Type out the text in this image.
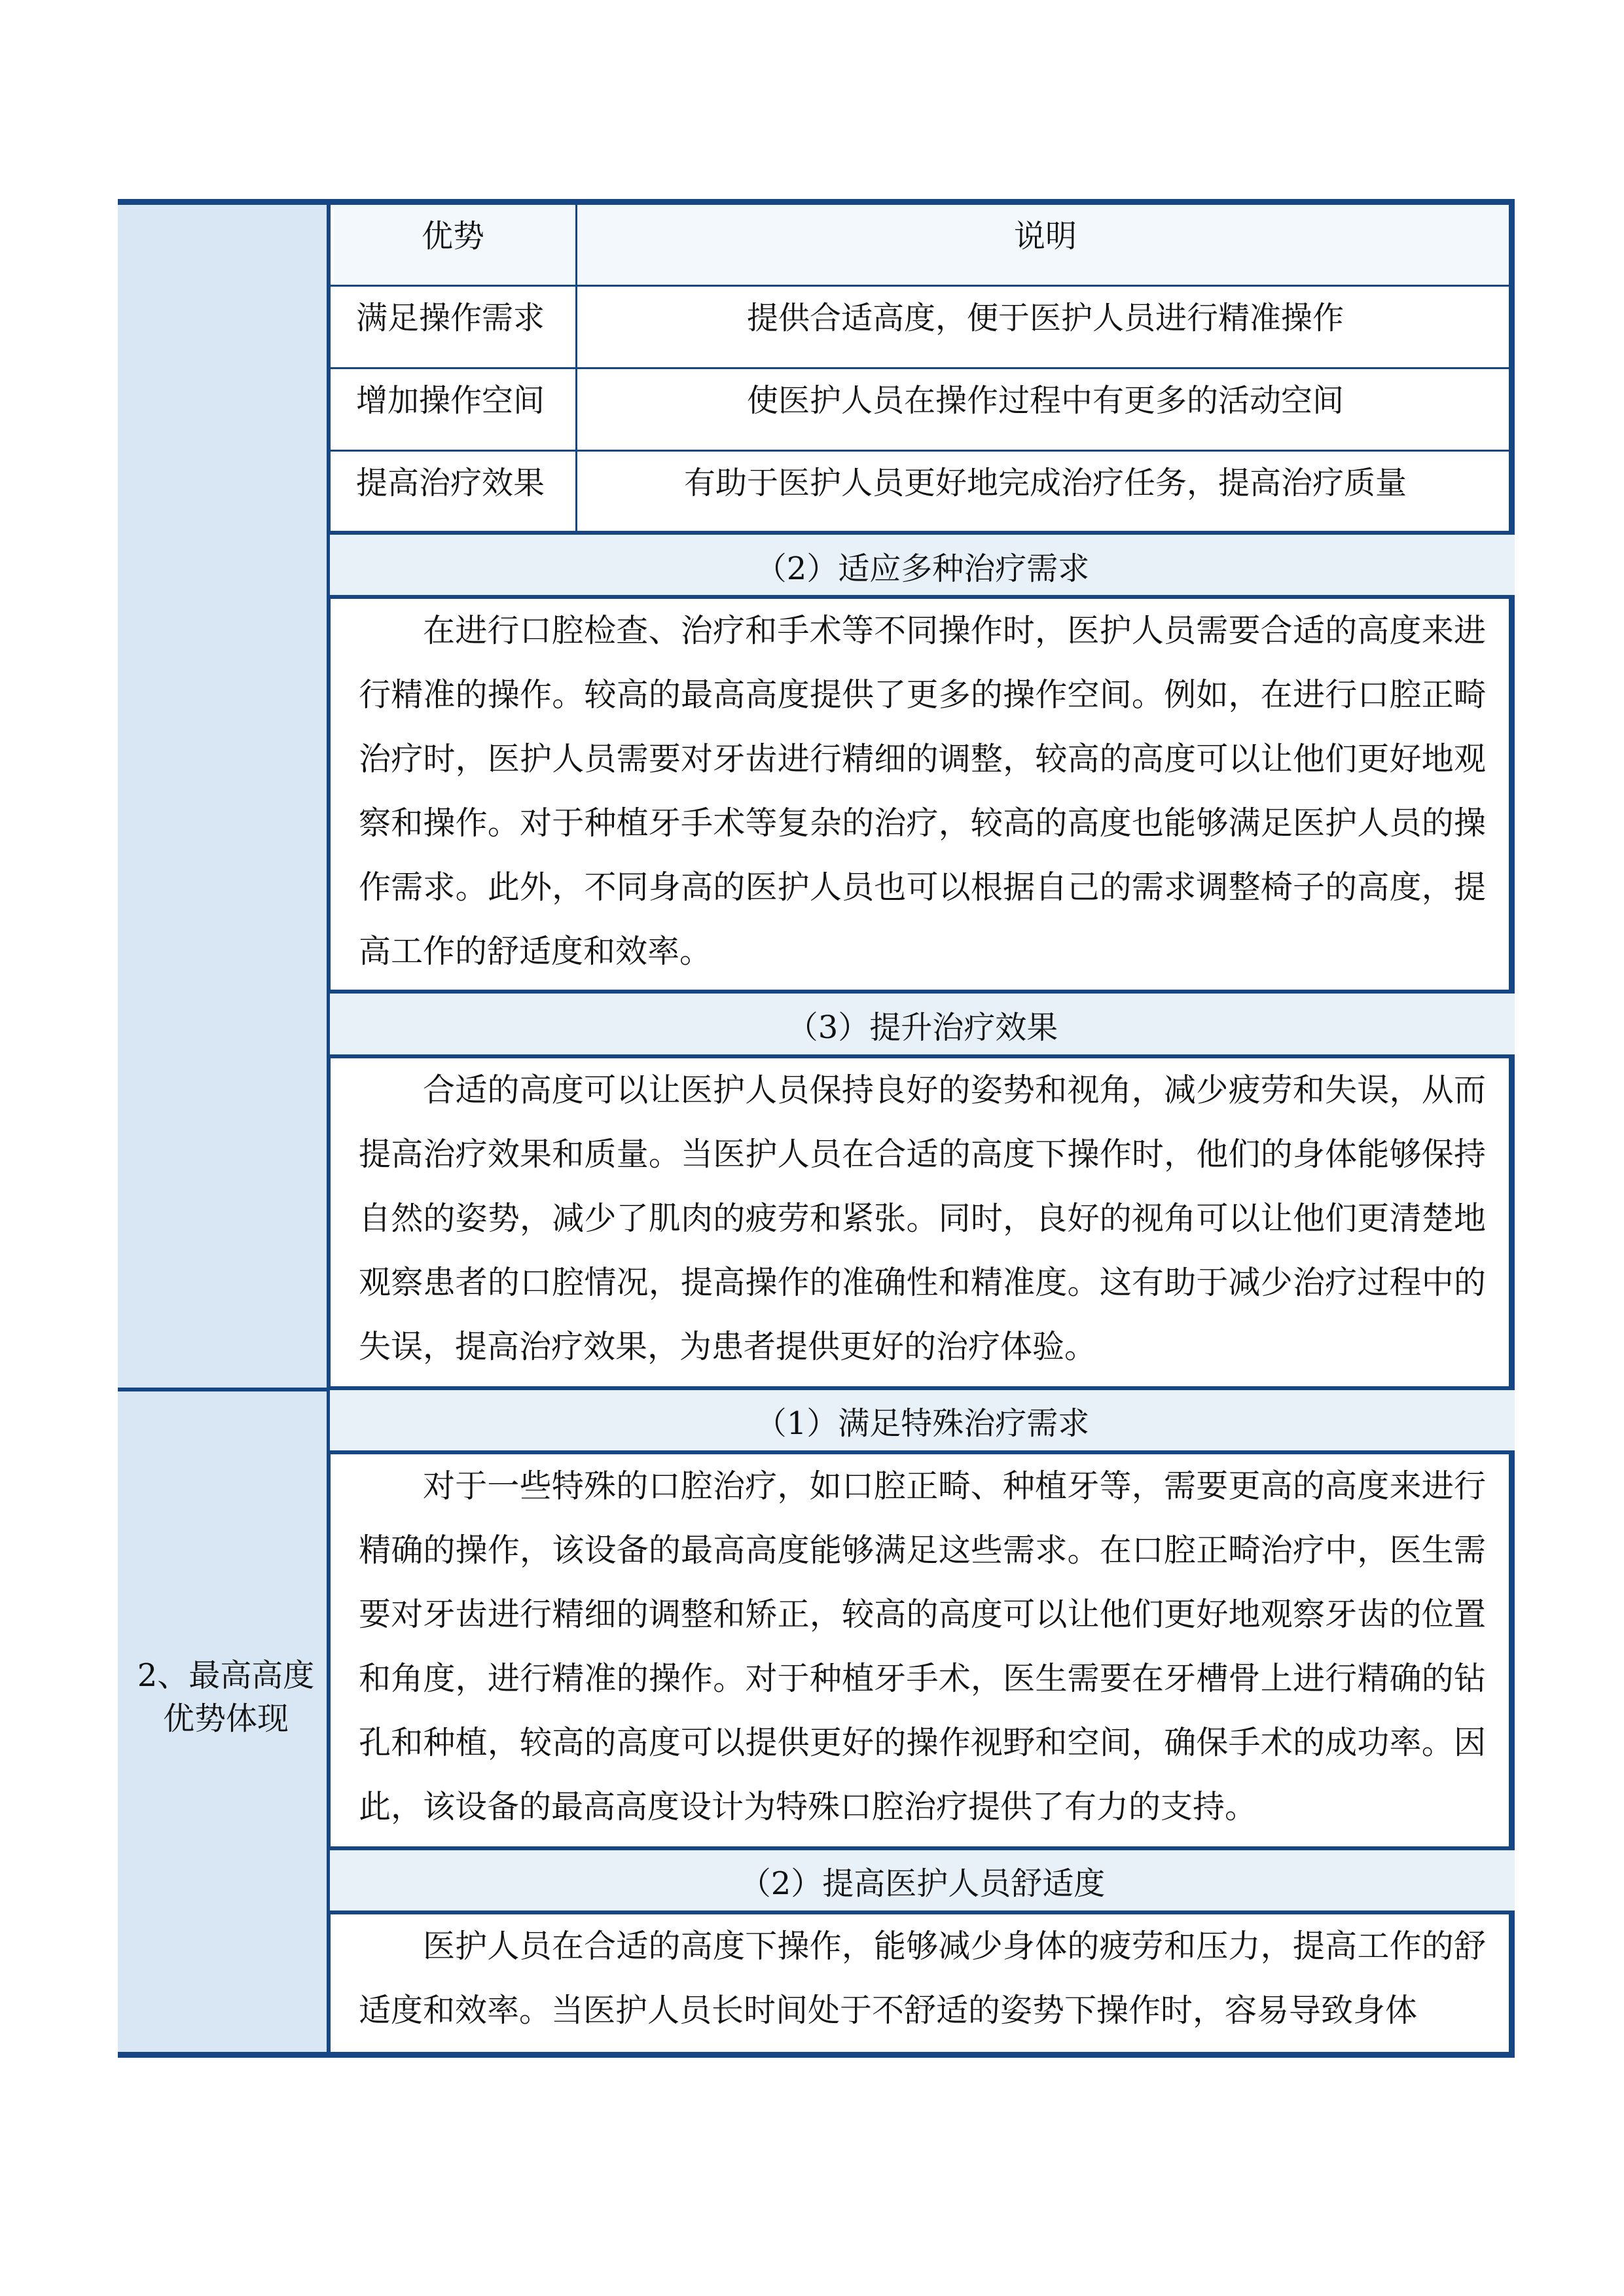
2、最高高度优势体现
优势	说明
满足操作需求	提供合适高度，便于医护人员进行精准操作
增加操作空间	使医护人员在操作过程中有更多的活动空间
提高治疗效果	有助于医护人员更好地完成治疗任务，提高治疗质量
（2）适应多种治疗需求
在进行口腔检查、治疗和手术等不同操作时，医护人员需要合适的高度来进行精准的操作。较高的最高高度提供了更多的操作空间。例如，在进行口腔正畸治疗时，医护人员需要对牙齿进行精细的调整，较高的高度可以让他们更好地观察和操作。对于种植牙手术等复杂的治疗，较高的高度也能够满足医护人员的操作需求。此外，不同身高的医护人员也可以根据自己的需求调整椅子的高度，提高工作的舒适度和效率。
（3）提升治疗效果
合适的高度可以让医护人员保持良好的姿势和视角，减少疲劳和失误，从而提高治疗效果和质量。当医护人员在合适的高度下操作时，他们的身体能够保持自然的姿势，减少了肌肉的疲劳和紧张。同时，良好的视角可以让他们更清楚地观察患者的口腔情况，提高操作的准确性和精准度。这有助于减少治疗过程中的失误，提高治疗效果，为患者提供更好的治疗体验。
（1）满足特殊治疗需求
对于一些特殊的口腔治疗，如口腔正畸、种植牙等，需要更高的高度来进行精确的操作，该设备的最高高度能够满足这些需求。在口腔正畸治疗中，医生需要对牙齿进行精细的调整和矫正，较高的高度可以让他们更好地观察牙齿的位置和角度，进行精准的操作。对于种植牙手术，医生需要在牙槽骨上进行精确的钻孔和种植，较高的高度可以提供更好的操作视野和空间，确保手术的成功率。因此，该设备的最高高度设计为特殊口腔治疗提供了有力的支持。
（2）提高医护人员舒适度
医护人员在合适的高度下操作，能够减少身体的疲劳和压力，提高工作的舒适度和效率。当医护人员长时间处于不舒适的姿势下操作时，容易导致身体
